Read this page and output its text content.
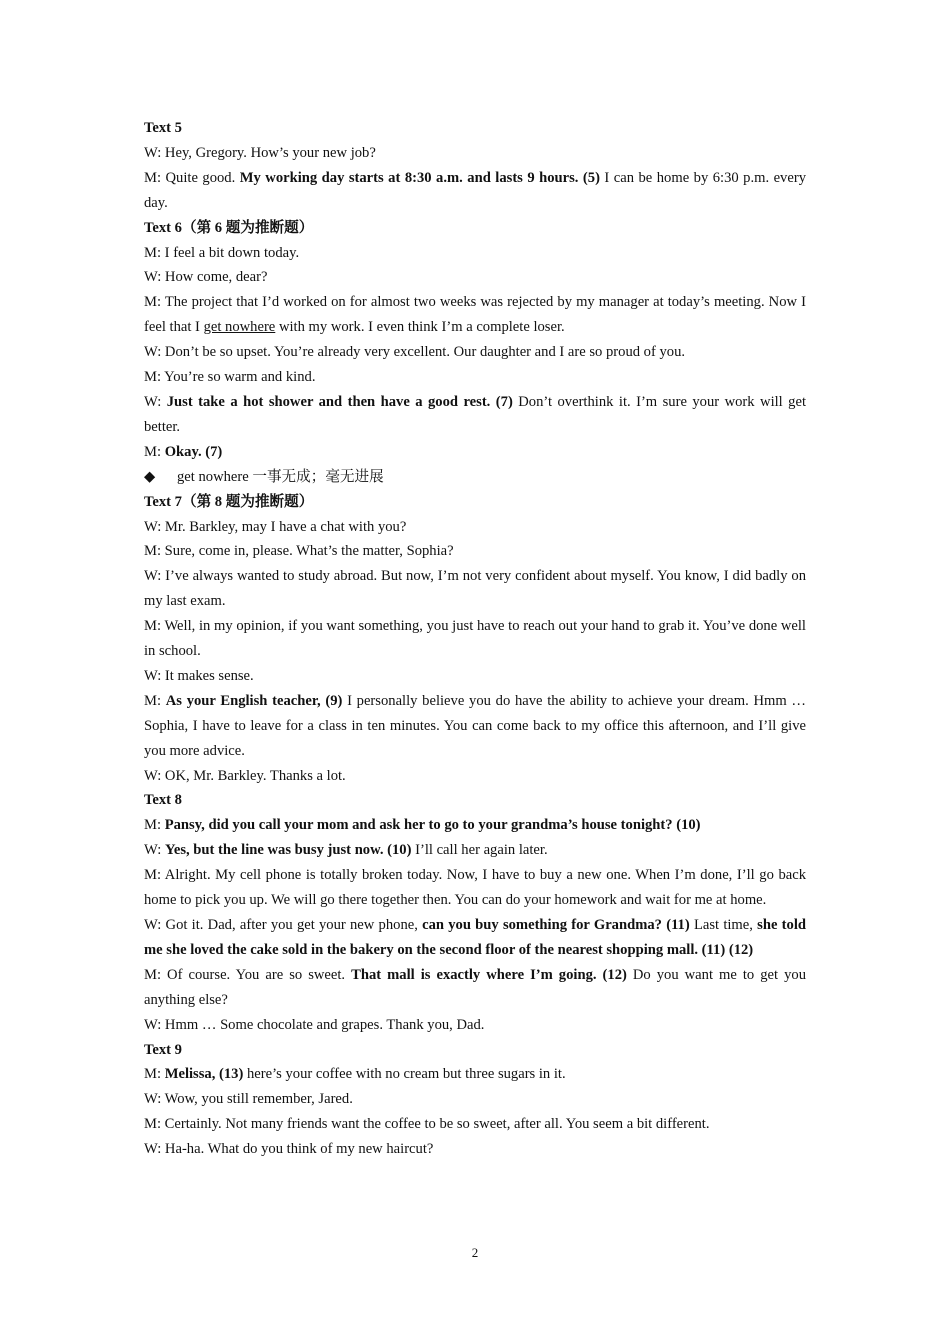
Text 5

W: Hey, Gregory. How’s your new job?

M: Quite good. My working day starts at 8:30 a.m. and lasts 9 hours. (5) I can be home by 6:30 p.m. every day.

Text 6（第 6 题为推断题）

M: I feel a bit down today.

W: How come, dear?

M: The project that I’d worked on for almost two weeks was rejected by my manager at today’s meeting. Now I feel that I get nowhere with my work. I even think I’m a complete loser.

W: Don’t be so upset. You’re already very excellent. Our daughter and I are so proud of you.

M: You’re so warm and kind.

W: Just take a hot shower and then have a good rest. (7) Don’t overthink it. I’m sure your work will get better.

M: Okay. (7)

◆ get nowhere 一事无成；毫无进展

Text 7（第 8 题为推断题）

W: Mr. Barkley, may I have a chat with you?

M: Sure, come in, please. What’s the matter, Sophia?

W: I’ve always wanted to study abroad. But now, I’m not very confident about myself. You know, I did badly on my last exam.

M: Well, in my opinion, if you want something, you just have to reach out your hand to grab it. You’ve done well in school.

W: It makes sense.

M: As your English teacher, (9) I personally believe you do have the ability to achieve your dream. Hmm … Sophia, I have to leave for a class in ten minutes. You can come back to my office this afternoon, and I’ll give you more advice.

W: OK, Mr. Barkley. Thanks a lot.

Text 8

M: Pansy, did you call your mom and ask her to go to your grandma’s house tonight? (10)

W: Yes, but the line was busy just now. (10) I’ll call her again later.

M: Alright. My cell phone is totally broken today. Now, I have to buy a new one. When I’m done, I’ll go back home to pick you up. We will go there together then. You can do your homework and wait for me at home.

W: Got it. Dad, after you get your new phone, can you buy something for Grandma? (11) Last time, she told me she loved the cake sold in the bakery on the second floor of the nearest shopping mall. (11) (12)

M: Of course. You are so sweet. That mall is exactly where I’m going. (12) Do you want me to get you anything else?

W: Hmm … Some chocolate and grapes. Thank you, Dad.

Text 9

M: Melissa, (13) here’s your coffee with no cream but three sugars in it.

W: Wow, you still remember, Jared.

M: Certainly. Not many friends want the coffee to be so sweet, after all. You seem a bit different.

W: Ha-ha. What do you think of my new haircut?

2
